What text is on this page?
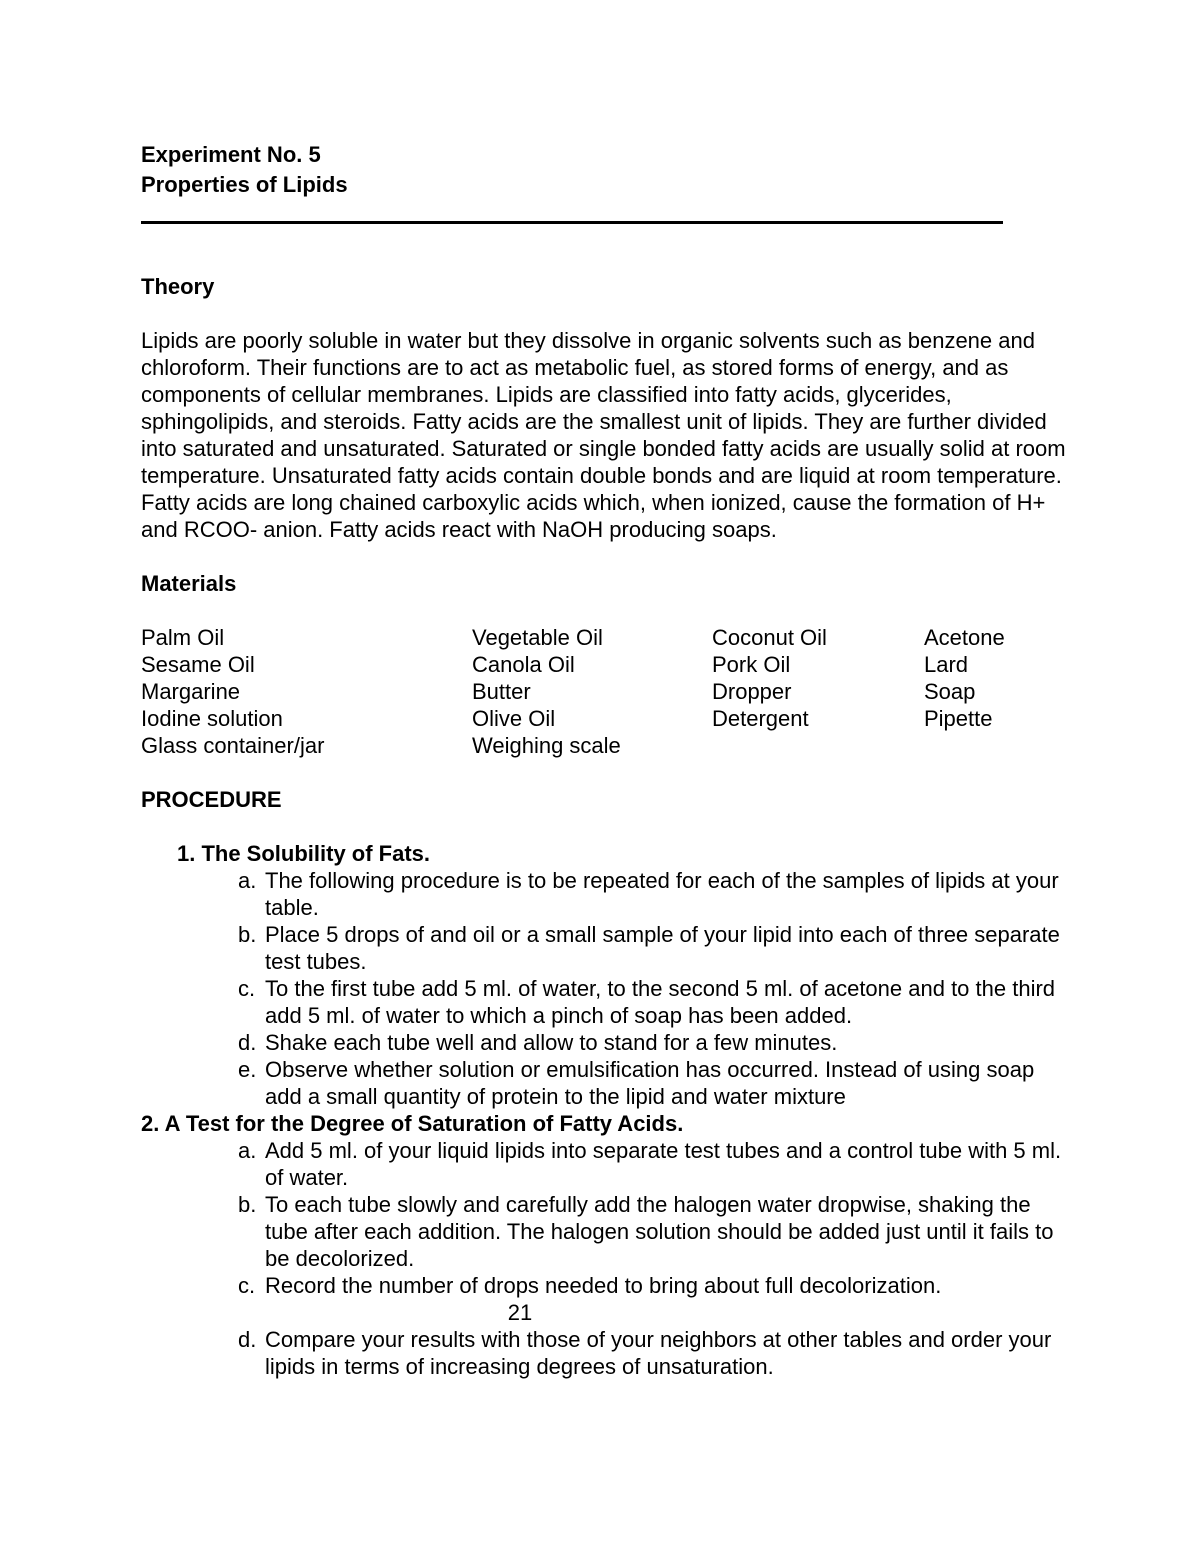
Experiment No. 5
Properties of Lipids
Theory
Lipids are poorly soluble in water but they dissolve in organic solvents such as benzene and chloroform. Their functions are to act as metabolic fuel, as stored forms of energy, and as components of cellular membranes. Lipids are classified into fatty acids, glycerides, sphingolipids, and steroids. Fatty acids are the smallest unit of lipids. They are further divided into saturated and unsaturated. Saturated or single bonded fatty acids are usually solid at room temperature. Unsaturated fatty acids contain double bonds and are liquid at room temperature. Fatty acids are long chained carboxylic acids which, when ionized, cause the formation of H+ and RCOO- anion. Fatty acids react with NaOH producing soaps.
Materials
Palm Oil	Vegetable Oil	Coconut Oil	Acetone
Sesame Oil	Canola Oil	Pork Oil	Lard
Margarine	Butter	Dropper	Soap
Iodine solution	Olive Oil	Detergent	Pipette
Glass container/jar	Weighing scale
PROCEDURE
1. The Solubility of Fats.
a. The following procedure is to be repeated for each of the samples of lipids at your table.
b. Place 5 drops of and oil or a small sample of your lipid into each of three separate test tubes.
c. To the first tube add 5 ml. of water, to the second 5 ml. of acetone and to the third add 5 ml. of water to which a pinch of soap has been added.
d. Shake each tube well and allow to stand for a few minutes.
e. Observe whether solution or emulsification has occurred. Instead of using soap add a small quantity of protein to the lipid and water mixture
2. A Test for the Degree of Saturation of Fatty Acids.
a. Add 5 ml. of your liquid lipids into separate test tubes and a control tube with 5 ml. of water.
b. To each tube slowly and carefully add the halogen water dropwise, shaking the tube after each addition. The halogen solution should be added just until it fails to be decolorized.
c. Record the number of drops needed to bring about full decolorization.
21
d. Compare your results with those of your neighbors at other tables and order your lipids in terms of increasing degrees of unsaturation.
